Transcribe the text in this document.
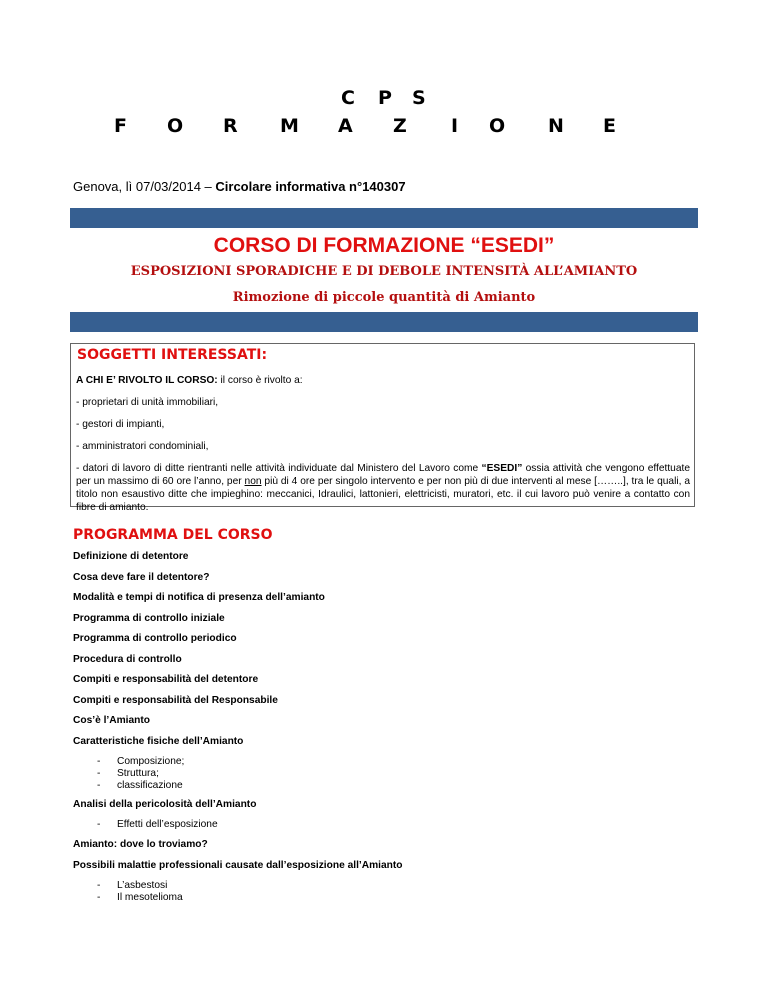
C P S
F O R M A Z I O N E
Genova, lì 07/03/2014 – Circolare informativa n°140307
CORSO DI FORMAZIONE “ESEDI”
ESPOSIZIONI SPORADICHE E DI DEBOLE INTENSITÀ ALL’AMIANTO
Rimozione di piccole quantità di Amianto
SOGGETTI INTERESSATI:
A CHI E’ RIVOLTO IL CORSO: il corso è rivolto a:
- proprietari di unità immobiliari,
- gestori di impianti,
- amministratori condominiali,
- datori di lavoro di ditte rientranti nelle attività individuate dal Ministero del Lavoro come “ESEDI” ossia attività che vengono effettuate per un massimo di 60 ore l’anno, per non più di 4 ore per singolo intervento e per non più di due interventi al mese [……..], tra le quali, a titolo non esaustivo ditte che impieghino: meccanici, Idraulici, lattonieri, elettricisti, muratori, etc. il cui lavoro può venire a contatto con fibre di amianto.
PROGRAMMA DEL CORSO
Definizione di detentore
Cosa deve fare il detentore?
Modalità e tempi di notifica di presenza dell’amianto
Programma di controllo iniziale
Programma di controllo periodico
Procedura di controllo
Compiti e responsabilità del detentore
Compiti e responsabilità del Responsabile
Cos’è l’Amianto
Caratteristiche fisiche dell’Amianto
- Composizione;
- Struttura;
- classificazione
Analisi della pericolosità dell’Amianto
- Effetti dell’esposizione
Amianto: dove lo troviamo?
Possibili malattie professionali causate dall’esposizione all’Amianto
- L’asbestosi
- Il mesotelioma
